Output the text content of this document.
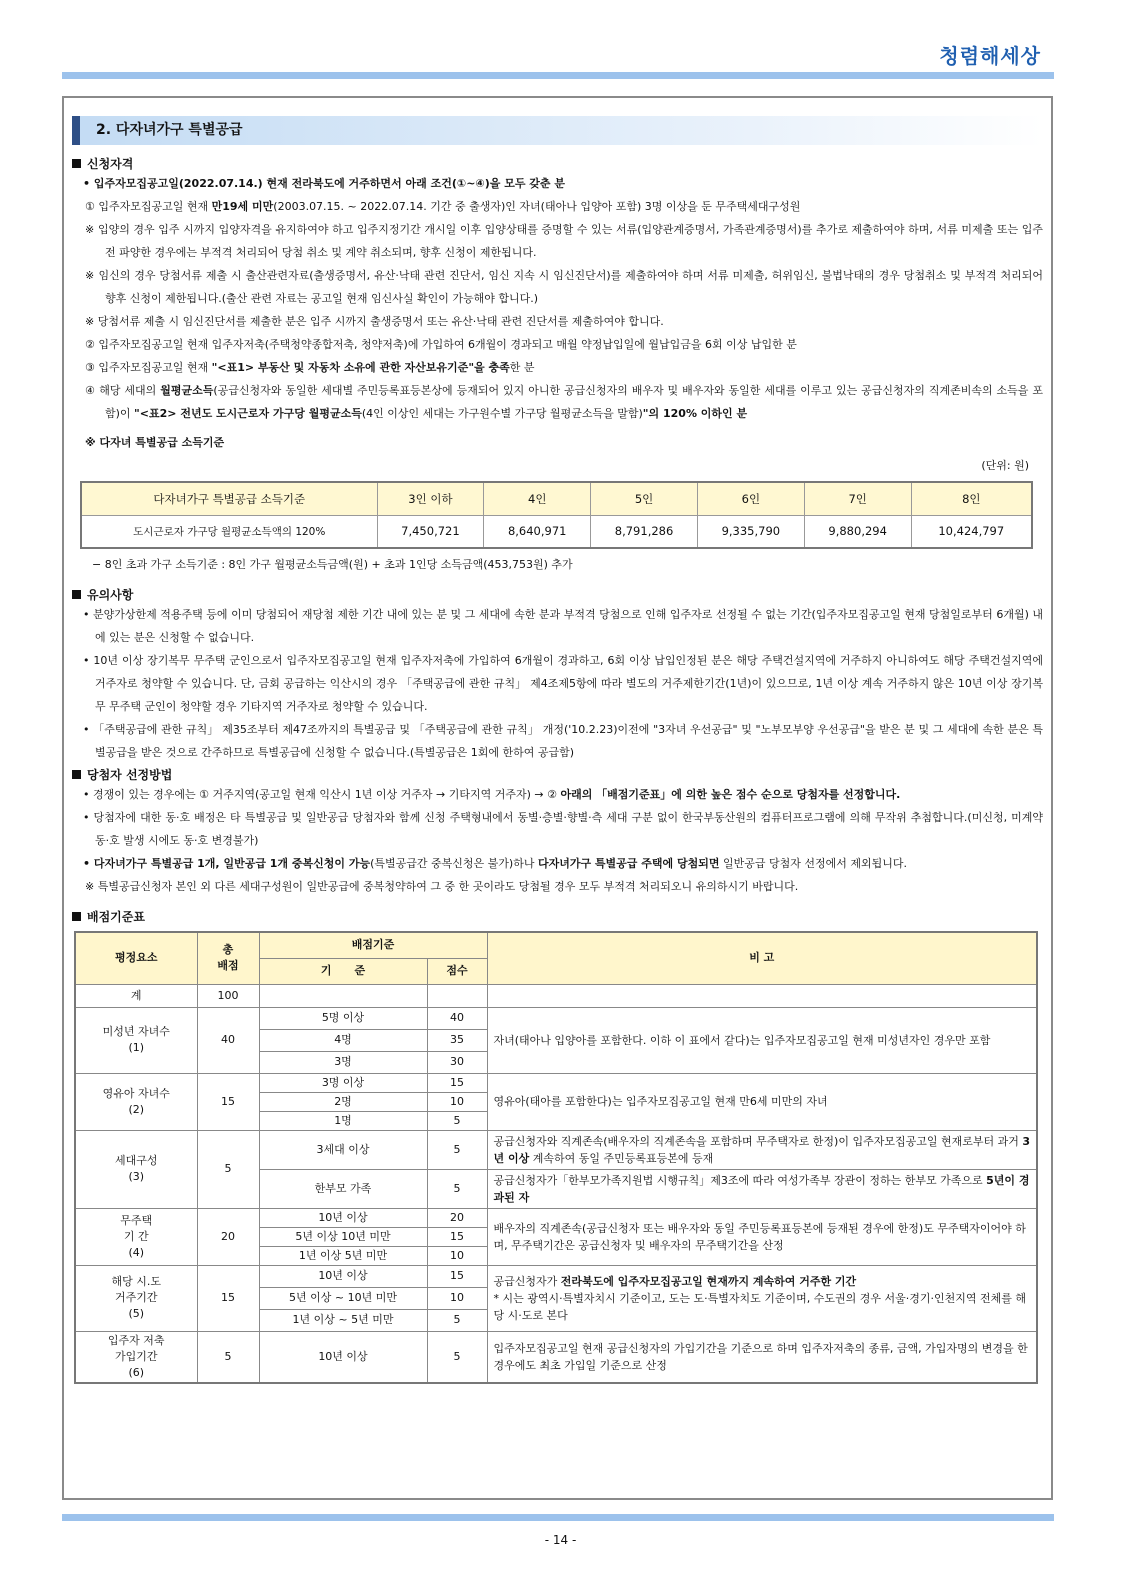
청렴해세상
2. 다자녀가구 특별공급
신청자격
• 입주자모집공고일(2022.07.14.) 현재 전라북도에 거주하면서 아래 조건(①~④)을 모두 갖춘 분
① 입주자모집공고일 현재 만19세 미만(2003.07.15. ~ 2022.07.14. 기간 중 출생자)인 자녀(태아나 입양아 포함) 3명 이상을 둔 무주택세대구성원
※ 입양의 경우 입주 시까지 입양자격을 유지하여야 하고 입주지정기간 개시일 이후 입양상태를 증명할 수 있는 서류(입양관계증명서, 가족관계증명서)를 추가로 제출하여야 하며, 서류 미제출 또는 입주 전 파양한 경우에는 부적격 처리되어 당첨 취소 및 계약 취소되며, 향후 신청이 제한됩니다.
※ 임신의 경우 당첨서류 제출 시 출산관련자료(출생증명서, 유산·낙태 관련 진단서, 임신 지속 시 임신진단서)를 제출하여야 하며 서류 미제출, 허위임신, 불법낙태의 경우 당첨취소 및 부적격 처리되어 향후 신청이 제한됩니다.(출산 관련 자료는 공고일 현재 임신사실 확인이 가능해야 합니다.)
※ 당첨서류 제출 시 임신진단서를 제출한 분은 입주 시까지 출생증명서 또는 유산·낙태 관련 진단서를 제출하여야 합니다.
② 입주자모집공고일 현재 입주자저축(주택청약종합저축, 청약저축)에 가입하여 6개월이 경과되고 매월 약정납입일에 월납입금을 6회 이상 납입한 분
③ 입주자모집공고일 현재 "<표1> 부동산 및 자동차 소유에 관한 자산보유기준"을 충족한 분
④ 해당 세대의 월평균소득(공급신청자와 동일한 세대별 주민등록표등본상에 등재되어 있지 아니한 공급신청자의 배우자 및 배우자와 동일한 세대를 이루고 있는 공급신청자의 직계존비속의 소득을 포함)이 "<표2> 전년도 도시근로자 가구당 월평균소득(4인 이상인 세대는 가구원수별 가구당 월평균소득을 말함)"의 120% 이하인 분
※ 다자녀 특별공급 소득기준
(단위: 원)
다자녀가구 특별공급 소득기준	3인 이하	4인	5인	6인	7인	8인
도시근로자 가구당 월평균소득액의 120%	7,450,721	8,640,971	8,791,286	9,335,790	9,880,294	10,424,797
− 8인 초과 가구 소득기준 : 8인 가구 월평균소득금액(원) + 초과 1인당 소득금액(453,753원) 추가
유의사항
• 분양가상한제 적용주택 등에 이미 당첨되어 재당첨 제한 기간 내에 있는 분 및 그 세대에 속한 분과 부적격 당첨으로 인해 입주자로 선정될 수 없는 기간(입주자모집공고일 현재 당첨일로부터 6개월) 내에 있는 분은 신청할 수 없습니다.
• 10년 이상 장기복무 무주택 군인으로서 입주자모집공고일 현재 입주자저축에 가입하여 6개월이 경과하고, 6회 이상 납입인정된 분은 해당 주택건설지역에 거주하지 아니하여도 해당 주택건설지역에 거주자로 청약할 수 있습니다. 단, 금회 공급하는 익산시의 경우 「주택공급에 관한 규칙」 제4조제5항에 따라 별도의 거주제한기간(1년)이 있으므로, 1년 이상 계속 거주하지 않은 10년 이상 장기복무 무주택 군인이 청약할 경우 기타지역 거주자로 청약할 수 있습니다.
• 「주택공급에 관한 규칙」 제35조부터 제47조까지의 특별공급 및 「주택공급에 관한 규칙」 개정('10.2.23)이전에 "3자녀 우선공급" 및 "노부모부양 우선공급"을 받은 분 및 그 세대에 속한 분은 특별공급을 받은 것으로 간주하므로 특별공급에 신청할 수 없습니다.(특별공급은 1회에 한하여 공급함)
당첨자 선정방법
• 경쟁이 있는 경우에는 ① 거주지역(공고일 현재 익산시 1년 이상 거주자 → 기타지역 거주자) → ② 아래의 「배점기준표」에 의한 높은 점수 순으로 당첨자를 선정합니다.
• 당첨자에 대한 동·호 배정은 타 특별공급 및 일반공급 당첨자와 함께 신청 주택형내에서 동별·층별·향별·측 세대 구분 없이 한국부동산원의 컴퓨터프로그램에 의해 무작위 추첨합니다.(미신청, 미계약 동·호 발생 시에도 동·호 변경불가)
• 다자녀가구 특별공급 1개, 일반공급 1개 중복신청이 가능(특별공급간 중복신청은 불가)하나 다자녀가구 특별공급 주택에 당첨되면 일반공급 당첨자 선정에서 제외됩니다.
※ 특별공급신청자 본인 외 다른 세대구성원이 일반공급에 중복청약하여 그 중 한 곳이라도 당첨될 경우 모두 부적격 처리되오니 유의하시기 바랍니다.
배점기준표
평정요소	총
배점	배점기준		비 고
		기      준	점수	
계	100			
미성년 자녀수
(1)	40	5명 이상	40	자녀(태아나 입양아를 포함한다. 이하 이 표에서 같다)는 입주자모집공고일 현재 미성년자인 경우만 포함
		4명	35	
		3명	30	
영유아 자녀수
(2)	15	3명 이상	15	영유아(태아를 포함한다)는 입주자모집공고일 현재 만6세 미만의 자녀
		2명	10	
		1명	5	
세대구성
(3)	5	3세대 이상	5	공급신청자와 직계존속(배우자의 직계존속을 포함하며 무주택자로 한정)이 입주자모집공고일 현재로부터 과거 3년 이상 계속하여 동일 주민등록표등본에 등재
		한부모 가족	5	공급신청자가「한부모가족지원법 시행규칙」제3조에 따라 여성가족부 장관이 정하는 한부모 가족으로 5년이 경과된 자
무주택
기 간
(4)	20	10년 이상	20	배우자의 직계존속(공급신청자 또는 배우자와 동일 주민등록표등본에 등재된 경우에 한정)도 무주택자이어야 하며, 무주택기간은 공급신청자 및 배우자의 무주택기간을 산정
		5년 이상 10년 미만	15	
		1년 이상 5년 미만	10	
해당 시.도
거주기간
(5)	15	10년 이상	15	공급신청자가 전라북도에 입주자모집공고일 현재까지 계속하여 거주한 기간
* 시는 광역시·특별자치시 기준이고, 도는 도·특별자치도 기준이며, 수도권의 경우 서울·경기·인천지역 전체를 해당 시·도로 본다
		5년 이상 ~ 10년 미만	10	
		1년 이상 ~ 5년 미만	5	
입주자 저축
가입기간
(6)	5	10년 이상	5	입주자모집공고일 현재 공급신청자의 가입기간을 기준으로 하며 입주자저축의 종류, 금액, 가입자명의 변경을 한 경우에도 최초 가입일 기준으로 산정
- 14 -
